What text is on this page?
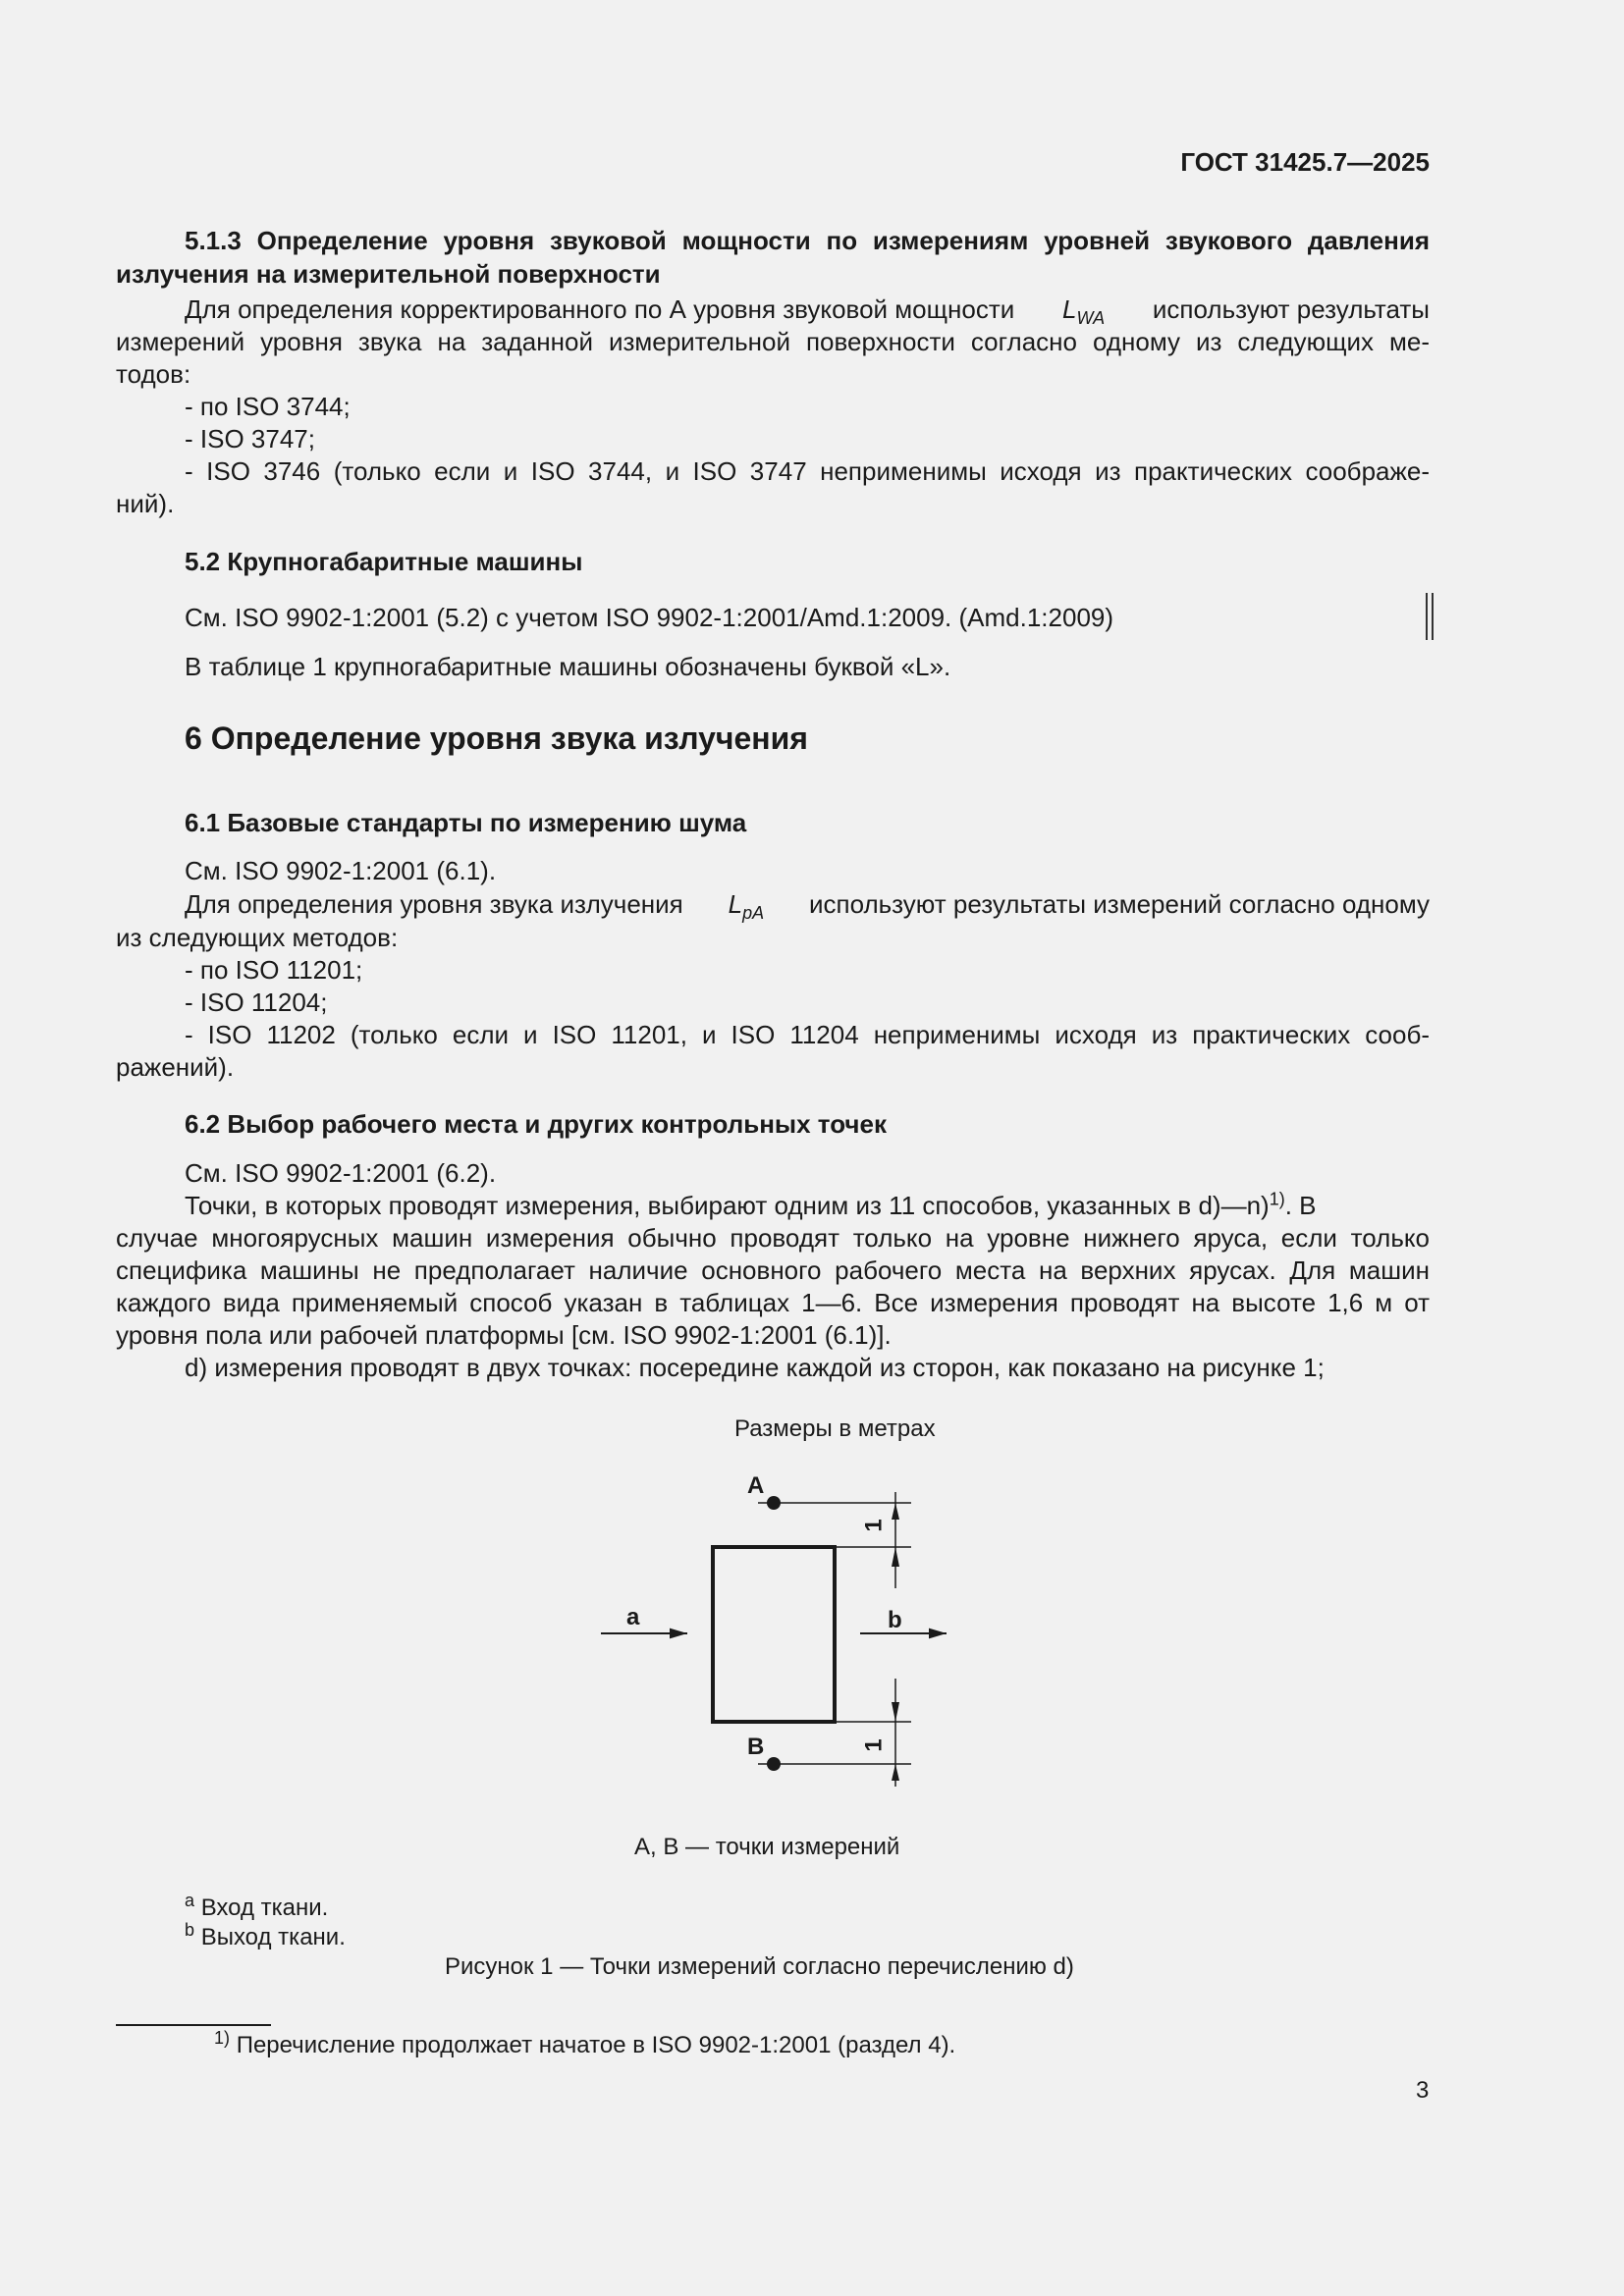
ГОСТ 31425.7—2025
5.1.3 Определение уровня звуковой мощности по измерениям уровней звукового давления
излучения на измерительной поверхности
Для определения корректированного по А уровня звуковой мощности $L_{WA}$ используют результаты
измерений уровня звука на заданной измерительной поверхности согласно одному из следующих ме-
тодов:
- по ISO 3744;
- ISO 3747;
- ISO 3746 (только если и ISO 3744, и ISO 3747 неприменимы исходя из практических соображе-
ний).
5.2 Крупногабаритные машины
См. ISO 9902-1:2001 (5.2) с учетом ISO 9902-1:2001/Amd.1:2009. (Amd.1:2009)
В таблице 1 крупногабаритные машины обозначены буквой «L».
6 Определение уровня звука излучения
6.1 Базовые стандарты по измерению шума
См. ISO 9902-1:2001 (6.1).
Для определения уровня звука излучения $L_{pA}$ используют результаты измерений согласно одному
из следующих методов:
- по ISO 11201;
- ISO 11204;
- ISO 11202 (только если и ISO 11201, и ISO 11204 неприменимы исходя из практических сооб-
ражений).
6.2 Выбор рабочего места и других контрольных точек
См. ISO 9902-1:2001 (6.2).
Точки, в которых проводят измерения, выбирают одним из 11 способов, указанных в d)—n)$^{1)}$. В
случае многоярусных машин измерения обычно проводят только на уровне нижнего яруса, если только
специфика машины не предполагает наличие основного рабочего места на верхних ярусах. Для машин
каждого вида применяемый способ указан в таблицах 1—6. Все измерения проводят на высоте 1,6 м от
уровня пола или рабочей платформы [см. ISO 9902-1:2001 (6.1)].
d) измерения проводят в двух точках: посередине каждой из сторон, как показано на рисунке 1;
Размеры в метрах
A
B
a	b
1
1
А, В — точки измерений
$^a$ Вход ткани.
$^b$ Выход ткани.
Рисунок 1 — Точки измерений согласно перечислению d)
$^{1)}$ Перечисление продолжает начатое в ISO 9902-1:2001 (раздел 4).
3
